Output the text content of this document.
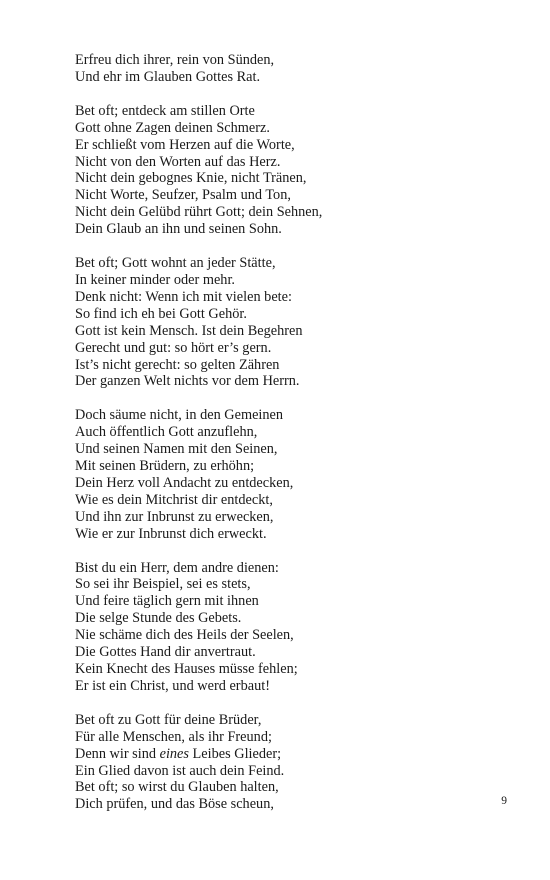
Erfreu dich ihrer, rein von Sünden,
Und ehr im Glauben Gottes Rat.
Bet oft; entdeck am stillen Orte
Gott ohne Zagen deinen Schmerz.
Er schließt vom Herzen auf die Worte,
Nicht von den Worten auf das Herz.
Nicht dein gebognes Knie, nicht Tränen,
Nicht Worte, Seufzer, Psalm und Ton,
Nicht dein Gelübd rührt Gott; dein Sehnen,
Dein Glaub an ihn und seinen Sohn.
Bet oft; Gott wohnt an jeder Stätte,
In keiner minder oder mehr.
Denk nicht: Wenn ich mit vielen bete:
So find ich eh bei Gott Gehör.
Gott ist kein Mensch. Ist dein Begehren
Gerecht und gut: so hört er’s gern.
Ist’s nicht gerecht: so gelten Zähren
Der ganzen Welt nichts vor dem Herrn.
Doch säume nicht, in den Gemeinen
Auch öffentlich Gott anzuflehn,
Und seinen Namen mit den Seinen,
Mit seinen Brüdern, zu erhöhn;
Dein Herz voll Andacht zu entdecken,
Wie es dein Mitchrist dir entdeckt,
Und ihn zur Inbrunst zu erwecken,
Wie er zur Inbrunst dich erweckt.
Bist du ein Herr, dem andre dienen:
So sei ihr Beispiel, sei es stets,
Und feire täglich gern mit ihnen
Die selge Stunde des Gebets.
Nie schäme dich des Heils der Seelen,
Die Gottes Hand dir anvertraut.
Kein Knecht des Hauses müsse fehlen;
Er ist ein Christ, und werd erbaut!
Bet oft zu Gott für deine Brüder,
Für alle Menschen, als ihr Freund;
Denn wir sind eines Leibes Glieder;
Ein Glied davon ist auch dein Feind.
Bet oft; so wirst du Glauben halten,
Dich prüfen, und das Böse scheun,	9
